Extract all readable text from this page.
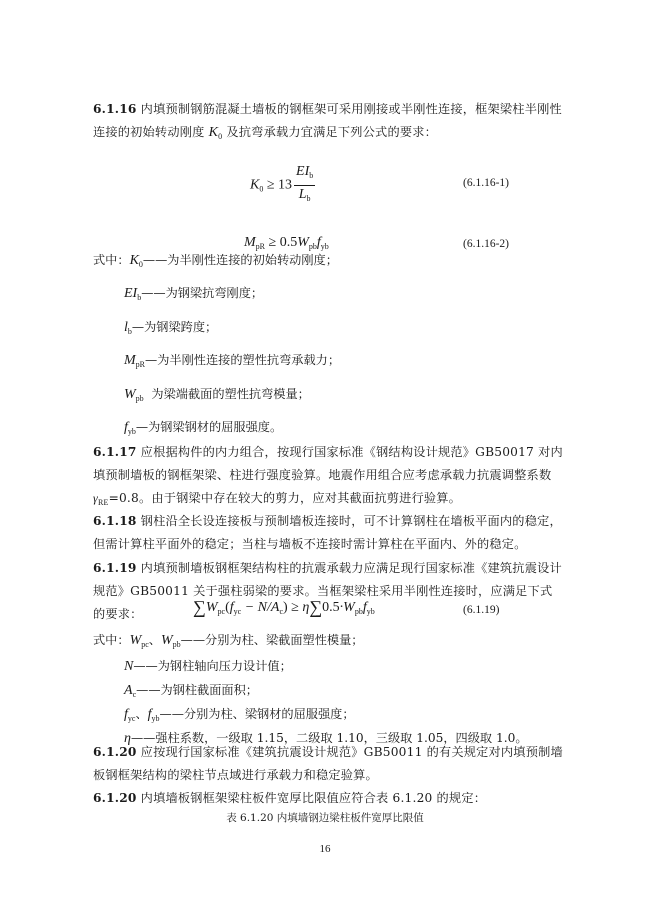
6.1.16 内填预制钢筋混凝土墙板的钢框架可采用刚接或半刚性连接，框架梁柱半刚性连接的初始转动刚度 $K_0$ 及抗弯承载力宜满足下列公式的要求：
$K_0 \ge 13 \frac{EI_b}{L_b}$	(6.1.16-1)
$M_{pR} \ge 0.5W_{pb}f_{yb}$	(6.1.16-2)
式中：$K_0——$为半刚性连接的初始转动刚度；
$EI_b——$为钢梁抗弯刚度；
$l_b—$为钢梁跨度；
$M_{pR}—$为半刚性连接的塑性抗弯承载力；
$W_{pb}$ 为梁端截面的塑性抗弯模量；
$f_{yb}—$为钢梁钢材的屈服强度。
6.1.17 应根据构件的内力组合，按现行国家标准《钢结构设计规范》GB50017 对内填预制墙板的钢框架梁、柱进行强度验算。地震作用组合应考虑承载力抗震调整系数$\gamma_{RE}=0.8$。由于钢梁中存在较大的剪力，应对其截面抗剪进行验算。
6.1.18 钢柱沿全长设连接板与预制墙板连接时，可不计算钢柱在墙板平面内的稳定，但需计算柱平面外的稳定；当柱与墙板不连接时需计算柱在平面内、外的稳定。
6.1.19 内填预制墙板钢框架结构柱的抗震承载力应满足现行国家标准《建筑抗震设计规范》GB50011 关于强柱弱梁的要求。当框架梁柱采用半刚性连接时，应满足下式的要求：	$\sum W_{pc}(f_{yc} - N/A_c) \ge \eta\sum 0.5\cdot W_{pb}f_{yb}$	(6.1.19)
式中：$W_{pc}$、$W_{pb}——$分别为柱、梁截面塑性模量；
N——为钢柱轴向压力设计值；
$A_c——$为钢柱截面面积；
$f_{yc}$、$f_{yb}——$分别为柱、梁钢材的屈服强度；
η——强柱系数，一级取 1.15，二级取 1.10，三级取 1.05，四级取 1.0。
6.1.20 应按现行国家标准《建筑抗震设计规范》GB50011 的有关规定对内填预制墙板钢框架结构的梁柱节点域进行承载力和稳定验算。
6.1.20 内填墙板钢框架梁柱板件宽厚比限值应符合表 6.1.20 的规定：
表 6.1.20 内填墙钢边梁柱板件宽厚比限值
16
